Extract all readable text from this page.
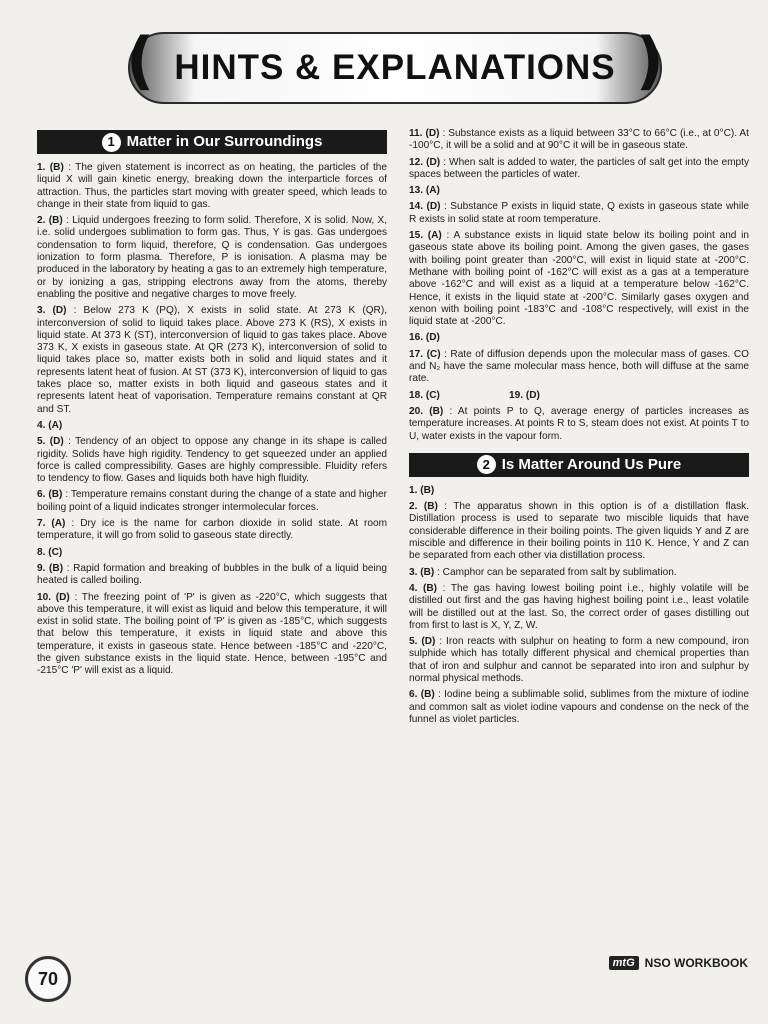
( HINTS & EXPLANATIONS )
1 Matter in Our Surroundings

1. (B) : The given statement is incorrect as on heating, the particles of the liquid X will gain kinetic energy, breaking down the interparticle forces of attraction. Thus, the particles start moving with greater speed, which leads to change in their state from liquid to gas.

2. (B) : Liquid undergoes freezing to form solid. Therefore, X is solid. Now, X, i.e. solid undergoes sublimation to form gas. Thus, Y is gas. Gas undergoes condensation to form liquid, therefore, Q is condensation. Gas undergoes ionization to form plasma. Therefore, P is ionisation. A plasma may be produced in the laboratory by heating a gas to an extremely high temperature, or by ionizing a gas, stripping electrons away from the atoms, thereby enabling the positive and negative charges to move freely.

3. (D) : Below 273 K (PQ), X exists in solid state. At 273 K (QR), interconversion of solid to liquid takes place. Above 273 K (RS), X exists in liquid state. At 373 K (ST), interconversion of liquid to gas takes place. Above 373 K, X exists in gaseous state. At QR (273 K), interconversion of solid to liquid takes place so, matter exists both in solid and liquid states and it represents latent heat of fusion. At ST (373 K), interconversion of liquid to gas takes place so, matter exists in both liquid and gaseous states and it represents latent heat of vaporisation. Temperature remains constant at QR and ST.

4. (A)

5. (D) : Tendency of an object to oppose any change in its shape is called rigidity. Solids have high rigidity. Tendency to get squeezed under an applied force is called compressibility. Gases are highly compressible. Fluidity refers to tendency to flow. Gases and liquids both have high fluidity.

6. (B) : Temperature remains constant during the change of a state and higher boiling point of a liquid indicates stronger intermolecular forces.

7. (A) : Dry ice is the name for carbon dioxide in solid state. At room temperature, it will go from solid to gaseous state directly.

8. (C)

9. (B) : Rapid formation and breaking of bubbles in the bulk of a liquid being heated is called boiling.

10. (D) : The freezing point of 'P' is given as -220°C, which suggests that above this temperature, it will exist as liquid and below this temperature, it will exist in solid state. The boiling point of 'P' is given as -185°C, which suggests that below this temperature, it exists in liquid state and above this temperature, it exists in gaseous state. Hence between -185°C and -220°C, the given substance exists in the liquid state. Hence, between -195°C and -215°C 'P' will exist as a liquid.

11. (D) : Substance exists as a liquid between 33°C to 66°C (i.e., at 0°C). At -100°C, it will be a solid and at 90°C it will be in gaseous state.

12. (D) : When salt is added to water, the particles of salt get into the empty spaces between the particles of water.

13. (A)

14. (D) : Substance P exists in liquid state, Q exists in gaseous state while R exists in solid state at room temperature.

15. (A) : A substance exists in liquid state below its boiling point and in gaseous state above its boiling point. Among the given gases, the gases with boiling point greater than -200°C, will exist in liquid state at -200°C. Methane with boiling point of -162°C will exist as a gas at a temperature above -162°C and will exist as a liquid at a temperature below -162°C. Hence, it exists in the liquid state at -200°C. Similarly gases oxygen and xenon with boiling point -183°C and -108°C respectively, will exist in the liquid state at -200°C.

16. (D)

17. (C) : Rate of diffusion depends upon the molecular mass of gases. CO and N₂ have the same molecular mass hence, both will diffuse at the same rate.

18. (C)	19. (D)

20. (B) : At points P to Q, average energy of particles increases as temperature increases. At points R to S, steam does not exist. At points T to U, water exists in the vapour form.

2 Is Matter Around Us Pure

1. (B)

2. (B) : The apparatus shown in this option is of a distillation flask. Distillation process is used to separate two miscible liquids that have considerable difference in their boiling points. The given liquids Y and Z are miscible and difference in their boiling points in 110 K. Hence, Y and Z can be separated from each other via distillation process.

3. (B) : Camphor can be separated from salt by sublimation.

4. (B) : The gas having lowest boiling point i.e., highly volatile will be distilled out first and the gas having highest boiling point i.e., least volatile will be distilled out at the last. So, the correct order of gases distilling out from first to last is X, Y, Z, W.

5. (D) : Iron reacts with sulphur on heating to form a new compound, iron sulphide which has totally different physical and chemical properties than that of iron and sulphur and cannot be separated into iron and sulphur by normal physical methods.

6. (B) : Iodine being a sublimable solid, sublimes from the mixture of iodine and common salt as violet iodine vapours and condense on the neck of the funnel as violet particles.

70
mtG NSO WORKBOOK
